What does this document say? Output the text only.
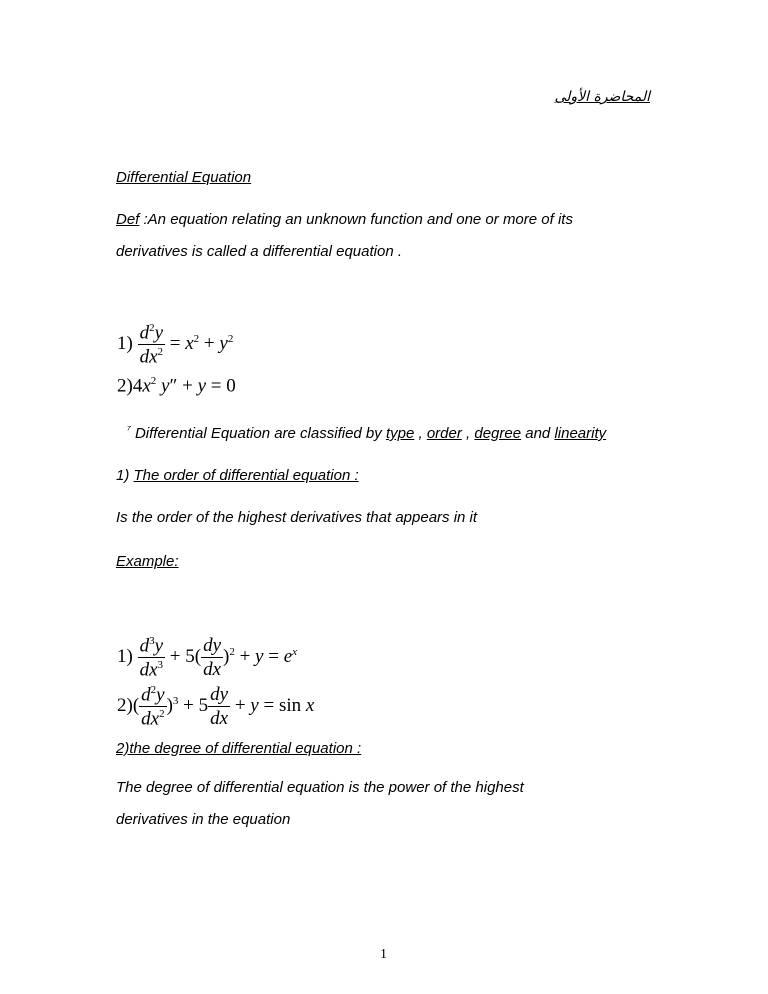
المحاضرة الأولى
Differential Equation
Def :An equation relating an unknown function and one or more of its
derivatives is called a differential equation .
$1) \frac{d^2y}{dx^2} = x^2 + y^2$
$2)4x^2$ y″ + y = 0
$^{^7}$ Differential Equation are classified by type , order , degree and linearity
1) The order of differential equation :
Is the order of the highest derivatives that appears in it
Example:
$1) \frac{d^3y}{dx^3} + 5( \frac{dy}{dx} )^2 + y = e^x$
$2)( \frac{d^2y}{dx^2} )^3 + 5 \frac{dy}{dx} + y = \sin x$
2)the degree of differential equation :
The degree of differential equation is the power of the highest
derivatives in the equation
1
